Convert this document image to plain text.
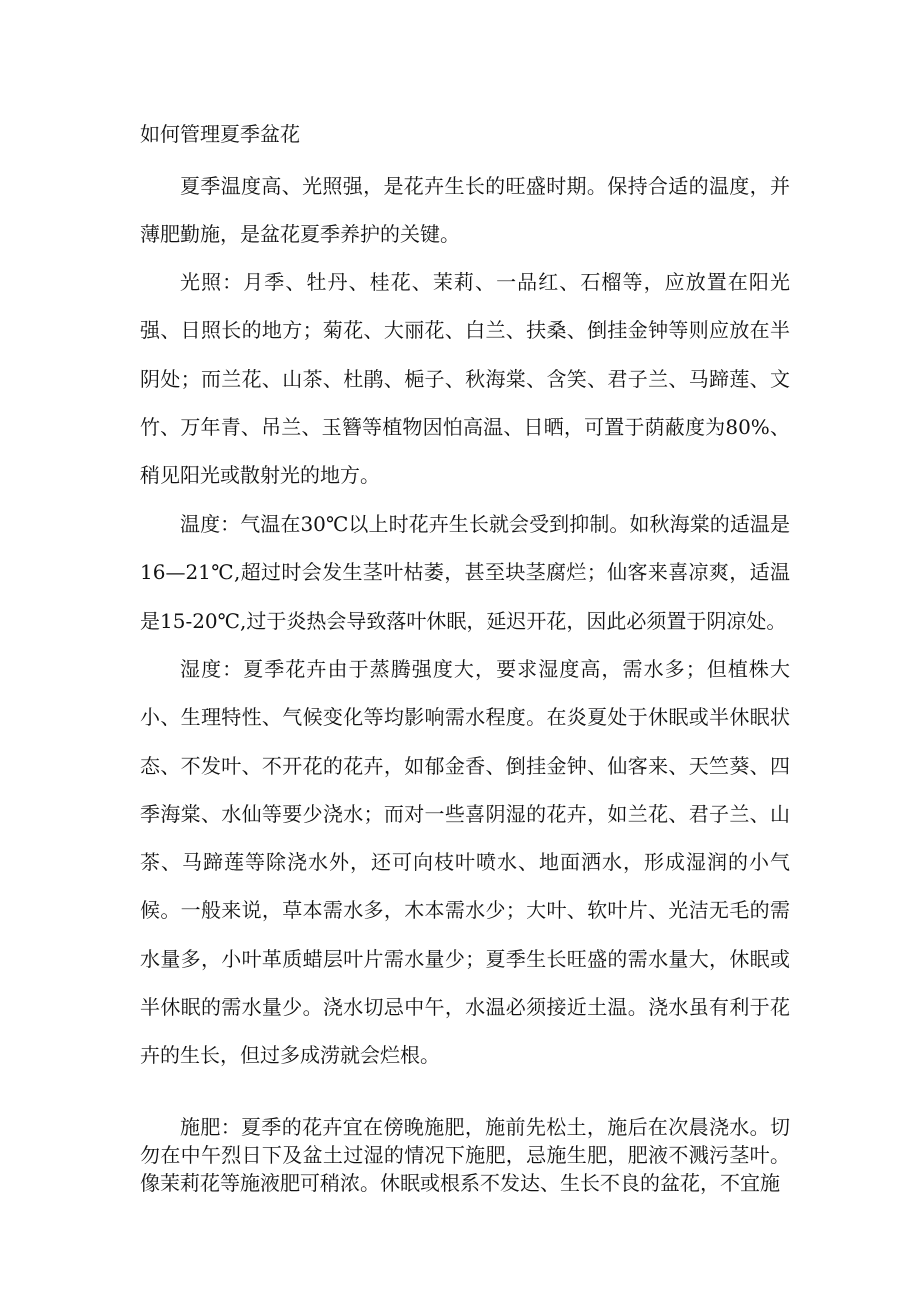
如何管理夏季盆花

夏季温度高、光照强，是花卉生长的旺盛时期。保持合适的温度，并薄肥勤施，是盆花夏季养护的关键。

光照：月季、牡丹、桂花、茉莉、一品红、石榴等，应放置在阳光强、日照长的地方；菊花、大丽花、白兰、扶桑、倒挂金钟等则应放在半阴处；而兰花、山茶、杜鹃、梔子、秋海棠、含笑、君子兰、马蹄莲、文竹、万年青、吊兰、玉簪等植物因怕高温、日晒，可置于荫蔽度为80%、稍见阳光或散射光的地方。

温度：气温在30℃以上时花卉生长就会受到抑制。如秋海棠的适温是16—21℃,超过时会发生茎叶枯萎，甚至块茎腐烂；仙客来喜凉爽，适温是15-20℃,过于炎热会导致落叶休眠，延迟开花，因此必须置于阴凉处。

湿度：夏季花卉由于蒸腾强度大，要求湿度高，需水多；但植株大小、生理特性、气候变化等均影响需水程度。在炎夏处于休眠或半休眠状态、不发叶、不开花的花卉，如郁金香、倒挂金钟、仙客来、天竺葵、四季海棠、水仙等要少浇水；而对一些喜阴湿的花卉，如兰花、君子兰、山茶、马蹄莲等除浇水外，还可向枝叶喷水、地面洒水，形成湿润的小气候。一般来说，草本需水多，木本需水少；大叶、软叶片、光洁无毛的需水量多，小叶革质蜡层叶片需水量少；夏季生长旺盛的需水量大，休眠或半休眠的需水量少。浇水切忌中午，水温必须接近土温。浇水虽有利于花卉的生长，但过多成涝就会烂根。

施肥：夏季的花卉宜在傍晚施肥，施前先松土，施后在次晨浇水。切勿在中午烈日下及盆土过湿的情况下施肥，忌施生肥，肥液不溅污茎叶。像茉莉花等施液肥可稍浓。休眠或根系不发达、生长不良的盆花，不宜施
